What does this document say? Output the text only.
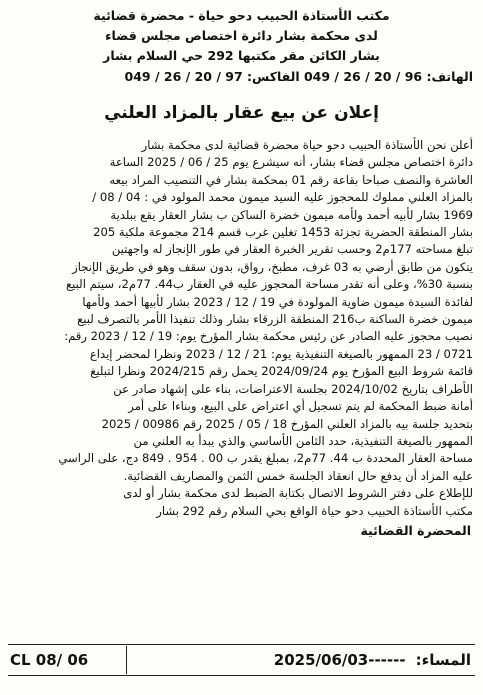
مكتب الأستاذة الحبيب دحو حياة - محضرة قضائية
لدى محكمة بشار دائرة اختصاص مجلس قضاء
بشار الكائن مقر مكتبها 292 حي السلام بشار
الهاتف: 96 / 20 / 26 / 049 الفاكس: 97 / 20 / 26 / 049
إعلان عن بيع عقار بالمزاد العلني
أعلن نحن الأستاذة الحبيب دحو حياة محضرة قضائية لدى محكمة بشار
دائرة اختصاص مجلس قضاء بشار، أنه سيشرع يوم 25 / 06 / 2025 الساعة
العاشرة والنصف صباحا بقاعة رقم 01 بمحكمة بشار في التنصيب المراد بيعه
بالمزاد العلني مملوك للمحجوز عليه السيد ميمون محمد المولود في : 04 / 08 /
1969 بشار لأبيه أحمد ولأمه ميمون خضرة الساكن ب بشار العقار يقع ببلدية
بشار المنطقة الحضرية تجزئة 1453 تغلين غرب قسم 214 مجموعة ملكية 205
تبلغ مساحته 177م2 وحسب تقرير الخبرة العقار في طور الإنجاز له واجهتين
يتكون من طابق أرضي به 03 غرف، مطبخ، رواق، بدون سقف وهو في طريق الإنجاز
بنسبة 30%، وعلى أنه تقدر مساحة المحجوز عليه في العقار ب44. 77م2، سيتم البيع
لفائدة السيدة ميمون ضاوية المولودة في 19 / 12 / 2023 بشار لأبيها أحمد ولأمها
ميمون خضرة الساكنة ب216 المنطقة الزرقاء بشار وذلك تنفيذا الأمر بالتصرف لبيع
نصيب محجوز عليه الصادر عن رئيس محكمة بشار المؤرخ يوم: 19 / 12 / 2023 رقم:
0721 / 23 الممهور بالصيغة التنفيذية يوم: 21 / 12 / 2023 ونظرا لمحضر إيداع
قائمة شروط البيع المؤرخ يوم 2024/09/24 يحمل رقم 2024/215 ونظرا لتبليغ
الأطراف بتاريخ 2024/10/02 بجلسة الاعتراضات، بناء على إشهاد صادر عن
أمانة ضبط المحكمة لم يتم تسجيل أي اعتراض على البيع، وبناءا على أمر
بتحديد جلسة بيه بالمزاد العلني المؤرخ 18 / 05 / 2025 رقم 00986 / 2025
الممهور بالصيغة التنفيذية، حدد الثامن الأساسي والذي يبدأ به العلني من
مساحة العقار المحددة ب 44. 77م2، بمبلغ يقدر ب 00 . 954 . 849 دج، على الراسي
عليه المزاد أن يدفع حال انعقاد الجلسة خمس الثمن والمصاريف القضائية.
للإطلاع على دفتر الشروط الاتصال بكتابة الضبط لدى محكمة بشار أو لدى
مكتب الأستاذة الحبيب دحو حياة الواقع بحي السلام رقم 292 بشار
المحضرة القضائية
CL 08/ 06	2025/06/03 ------ المساء:
